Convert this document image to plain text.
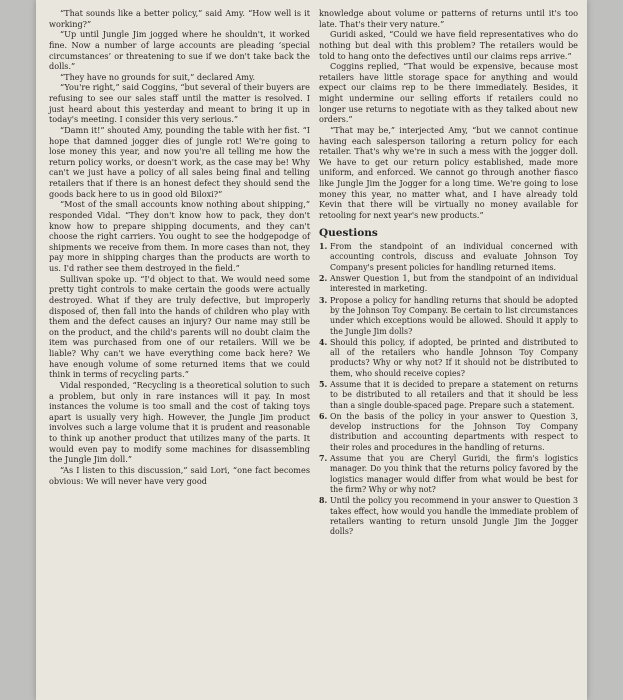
“That sounds like a better policy,” said Amy. “How well is it working?”

“Up until Jungle Jim jogged where he shouldn't, it worked fine. Now a number of large accounts are pleading ‘special circumstances’ or threatening to sue if we don't take back the dolls.”

“They have no grounds for suit,” declared Amy.

“You're right,” said Coggins, “but several of their buyers are refusing to see our sales staff until the matter is resolved. I just heard about this yesterday and meant to bring it up in today's meeting. I consider this very serious.”

“Damn it!” shouted Amy, pounding the table with her fist. “I hope that damned jogger dies of jungle rot! We're going to lose money this year, and now you're all telling me how the return policy works, or doesn't work, as the case may be! Why can't we just have a policy of all sales being final and telling retailers that if there is an honest defect they should send the goods back here to us in good old Biloxi?”

“Most of the small accounts know nothing about shipping,” responded Vidal. “They don't know how to pack, they don't know how to prepare shipping documents, and they can't choose the right carriers. You ought to see the hodgepodge of shipments we receive from them. In more cases than not, they pay more in shipping charges than the products are worth to us. I'd rather see them destroyed in the field.”

Sullivan spoke up. “I'd object to that. We would need some pretty tight controls to make certain the goods were actually destroyed. What if they are truly defective, but improperly disposed of, then fall into the hands of children who play with them and the defect causes an injury? Our name may still be on the product, and the child's parents will no doubt claim the item was purchased from one of our retailers. Will we be liable? Why can't we have everything come back here? We have enough volume of some returned items that we could think in terms of recycling parts.”

Vidal responded, “Recycling is a theoretical solution to such a problem, but only in rare instances will it pay. In most instances the volume is too small and the cost of taking toys apart is usually very high. However, the Jungle Jim product involves such a large volume that it is prudent and reasonable to think up another product that utilizes many of the parts. It would even pay to modify some machines for disassembling the Jungle Jim doll.”

“As I listen to this discussion,” said Lori, “one fact becomes obvious: We will never have very good

knowledge about volume or patterns of returns until it's too late. That's their very nature.”

Guridi asked, “Could we have field representatives who do nothing but deal with this problem? The retailers would be told to hang onto the defectives until our claims reps arrive.”

Coggins replied, “That would be expensive, because most retailers have little storage space for anything and would expect our claims rep to be there immediately. Besides, it might undermine our selling efforts if retailers could no longer use returns to negotiate with as they talked about new orders.”

“That may be,” interjected Amy, “but we cannot continue having each salesperson tailoring a return policy for each retailer. That's why we're in such a mess with the jogger doll. We have to get our return policy established, made more uniform, and enforced. We cannot go through another fiasco like Jungle Jim the Jogger for a long time. We're going to lose money this year, no matter what, and I have already told Kevin that there will be virtually no money available for retooling for next year's new products.”

Questions
1. From the standpoint of an individual concerned with accounting controls, discuss and evaluate Johnson Toy Company's present policies for handling returned items.
2. Answer Question 1, but from the standpoint of an individual interested in marketing.
3. Propose a policy for handling returns that should be adopted by the Johnson Toy Company. Be certain to list circumstances under which exceptions would be allowed. Should it apply to the Jungle Jim dolls?
4. Should this policy, if adopted, be printed and distributed to all of the retailers who handle Johnson Toy Company products? Why or why not? If it should not be distributed to them, who should receive copies?
5. Assume that it is decided to prepare a statement on returns to be distributed to all retailers and that it should be less than a single double-spaced page. Prepare such a statement.
6. On the basis of the policy in your answer to Question 3, develop instructions for the Johnson Toy Company distribution and accounting departments with respect to their roles and procedures in the handling of returns.
7. Assume that you are Cheryl Guridi, the firm's logistics manager. Do you think that the returns policy favored by the logistics manager would differ from what would be best for the firm? Why or why not?
8. Until the policy you recommend in your answer to Question 3 takes effect, how would you handle the immediate problem of retailers wanting to return unsold Jungle Jim the Jogger dolls?
